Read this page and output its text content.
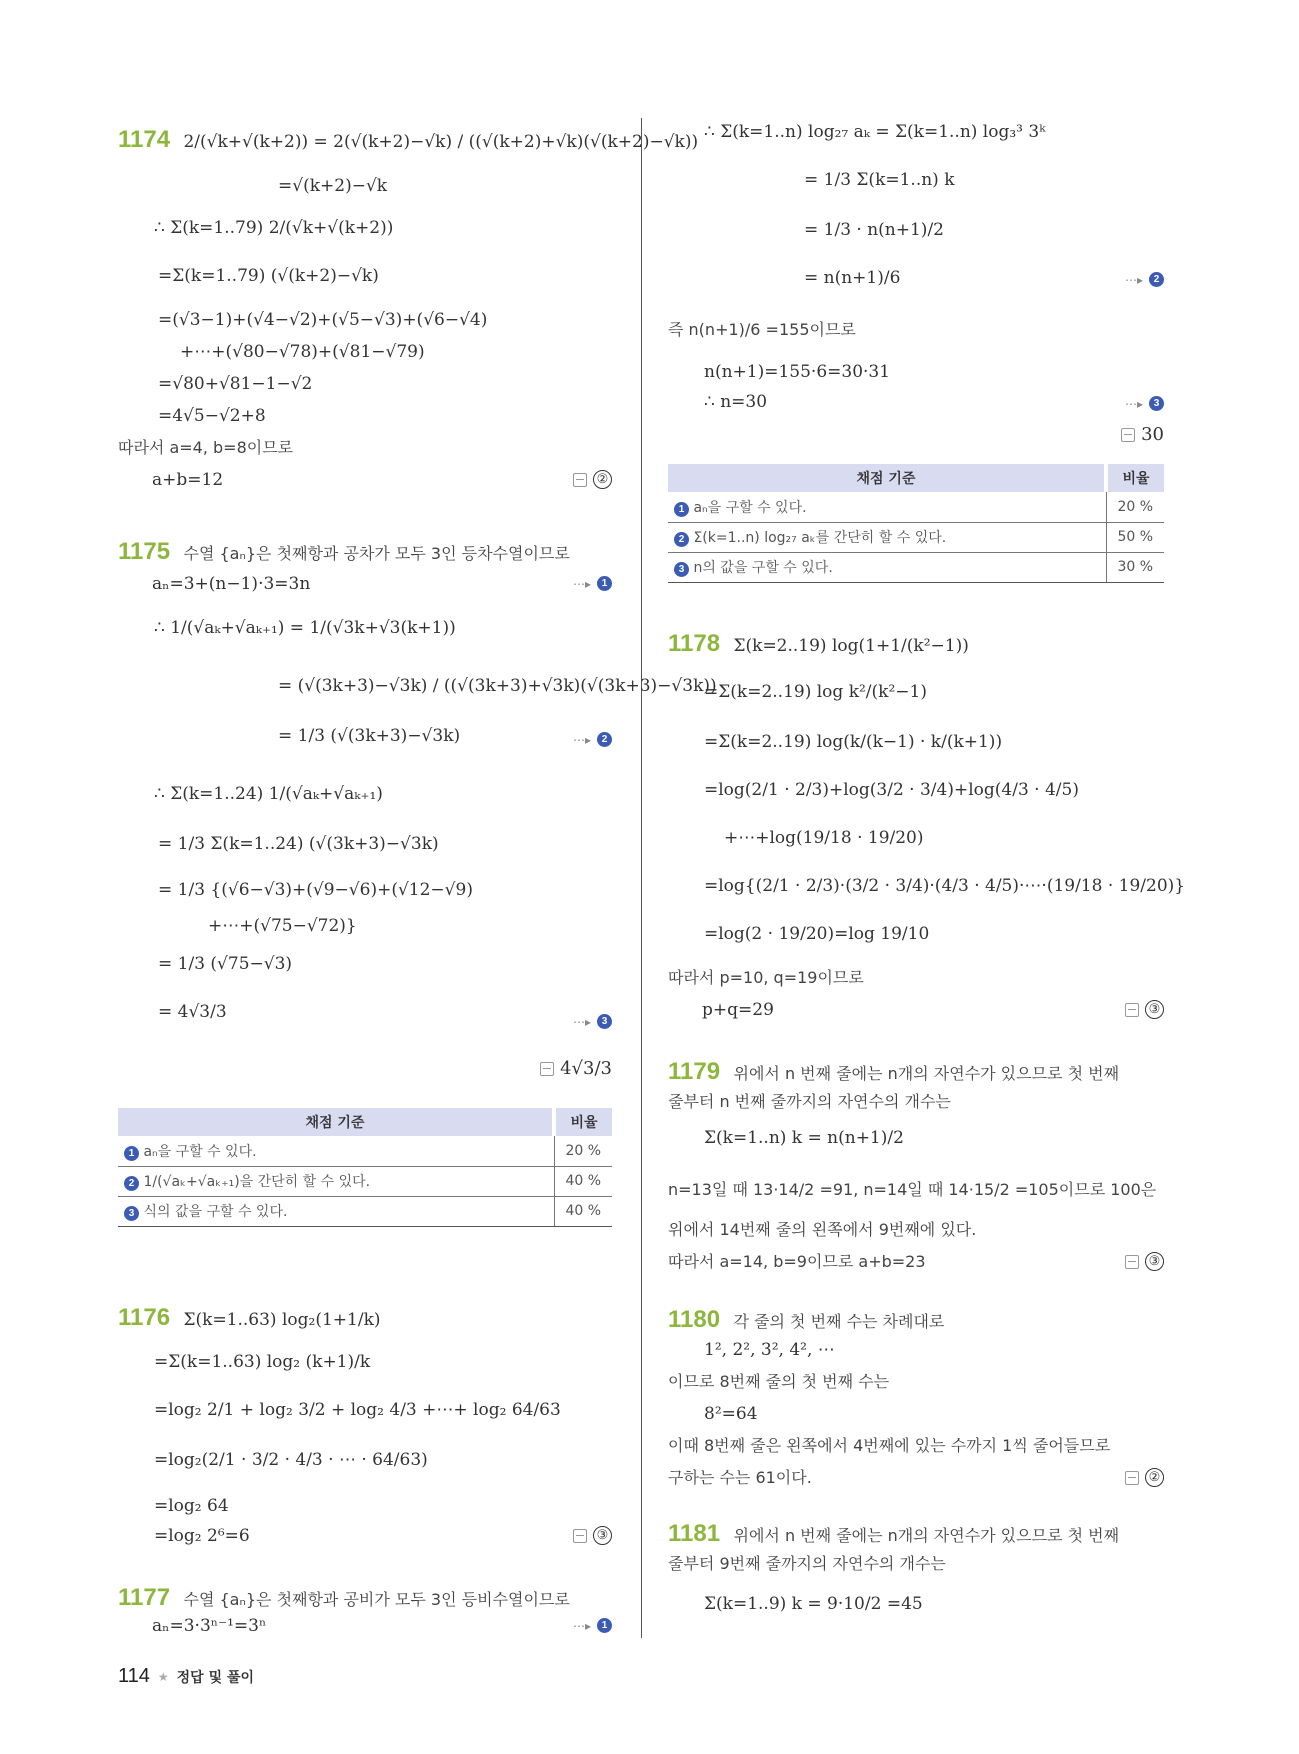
1174 2/(√k+√(k+2)) = 2(√(k+2)−√k) / ((√(k+2)+√k)(√(k+2)−√k))
=√(k+2)−√k
∴ Σ(k=1..79) 2/(√k+√(k+2))
=Σ(k=1..79) (√(k+2)−√k)
=(√3−1)+(√4−√2)+(√5−√3)+(√6−√4)
+⋯+(√80−√78)+(√81−√79)
=√80+√81−1−√2
=4√5−√2+8
따라서 a=4, b=8이므로
a+b=12	②
1175 수열 {aₙ}은 첫째항과 공차가 모두 3인 등차수열이므로
aₙ=3+(n−1)·3=3n	⋯▸	1
∴ 1/(√aₖ+√aₖ₊₁) = 1/(√3k+√3(k+1))
= (√(3k+3)−√3k) / ((√(3k+3)+√3k)(√(3k+3)−√3k))
= 1/3 (√(3k+3)−√3k)	⋯▸	2
∴ Σ(k=1..24) 1/(√aₖ+√aₖ₊₁)
= 1/3 Σ(k=1..24) (√(3k+3)−√3k)
= 1/3 {(√6−√3)+(√9−√6)+(√12−√9)
+⋯+(√75−√72)}
= 1/3 (√75−√3)
= 4√3/3	⋯▸	3
4√3/3
채점 기준	비율
1 aₙ을 구할 수 있다.	20 %
2 1/(√aₖ+√aₖ₊₁)을 간단히 할 수 있다.	40 %
3 식의 값을 구할 수 있다.	40 %
1176 Σ(k=1..63) log₂(1+1/k)
=Σ(k=1..63) log₂ (k+1)/k
=log₂ 2/1 + log₂ 3/2 + log₂ 4/3 +⋯+ log₂ 64/63
=log₂(2/1 · 3/2 · 4/3 · ⋯ · 64/63)
=log₂ 64
=log₂ 2⁶=6	③
1177 수열 {aₙ}은 첫째항과 공비가 모두 3인 등비수열이므로
aₙ=3·3ⁿ⁻¹=3ⁿ	⋯▸	1
∴ Σ(k=1..n) log₂₇ aₖ = Σ(k=1..n) log₃³ 3ᵏ
= 1/3 Σ(k=1..n) k
= 1/3 · n(n+1)/2
= n(n+1)/6	⋯▸	2
즉 n(n+1)/6 =155이므로
n(n+1)=155·6=30·31
∴ n=30	⋯▸	3
30
채점 기준	비율
1 aₙ을 구할 수 있다.	20 %
2 Σ(k=1..n) log₂₇ aₖ를 간단히 할 수 있다.	50 %
3 n의 값을 구할 수 있다.	30 %
1178 Σ(k=2..19) log(1+1/(k²−1))
=Σ(k=2..19) log k²/(k²−1)
=Σ(k=2..19) log(k/(k−1) · k/(k+1))
=log(2/1 · 2/3)+log(3/2 · 3/4)+log(4/3 · 4/5)
+⋯+log(19/18 · 19/20)
=log{(2/1 · 2/3)·(3/2 · 3/4)·(4/3 · 4/5)·⋯·(19/18 · 19/20)}
=log(2 · 19/20)=log 19/10
따라서 p=10, q=19이므로
p+q=29	③
1179 위에서 n 번째 줄에는 n개의 자연수가 있으므로 첫 번째
줄부터 n 번째 줄까지의 자연수의 개수는
Σ(k=1..n) k = n(n+1)/2
n=13일 때 13·14/2 =91, n=14일 때 14·15/2 =105이므로 100은
위에서 14번째 줄의 왼쪽에서 9번째에 있다.
따라서 a=14, b=9이므로 a+b=23	③
1180 각 줄의 첫 번째 수는 차례대로
1², 2², 3², 4², ⋯
이므로 8번째 줄의 첫 번째 수는
8²=64
이때 8번째 줄은 왼쪽에서 4번째에 있는 수까지 1씩 줄어들므로
구하는 수는 61이다.	②
1181 위에서 n 번째 줄에는 n개의 자연수가 있으므로 첫 번째
줄부터 9번째 줄까지의 자연수의 개수는
Σ(k=1..9) k = 9·10/2 =45
114 ★ 정답 및 풀이
